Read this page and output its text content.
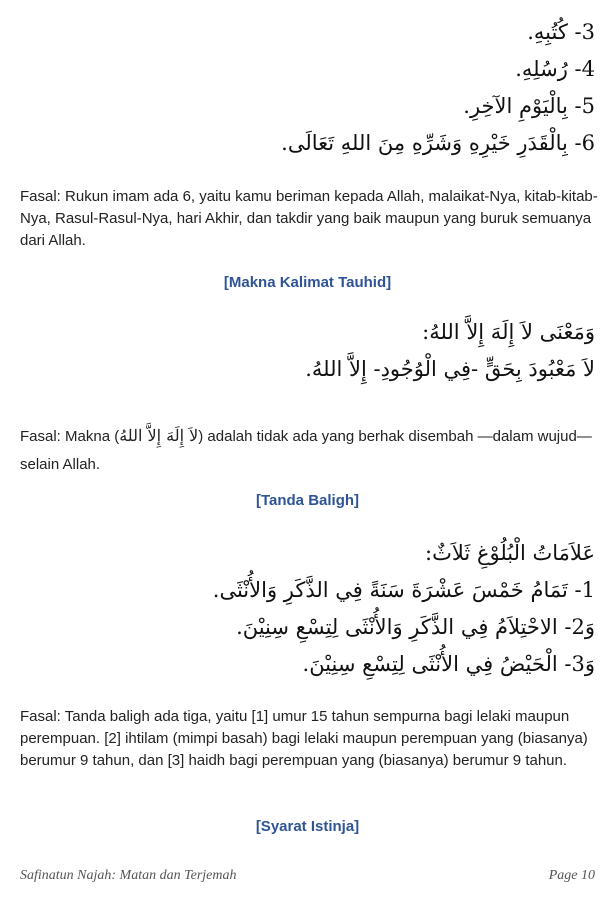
3- كُتُبِهِ.
4- رُسُلِهِ.
5- بِالْيَوْمِ الآخِرِ.
6- بِالْقَدَرِ خَيْرِهِ وَشَرِّهِ مِنَ اللهِ تَعَالَى.
Fasal: Rukun imam ada 6, yaitu kamu beriman kepada Allah, malaikat-Nya, kitab-kitab-Nya, Rasul-Rasul-Nya, hari Akhir, dan takdir yang baik maupun yang buruk semuanya dari Allah.
[Makna Kalimat Tauhid]
وَمَعْنَى لاَ إِلَهَ إِلاَّ اللهُ:
لاَ مَعْبُودَ بِحَقٍّ -فِي الْوُجُودِ- إِلاَّ اللهُ.
Fasal: Makna (لاَ إِلَهَ إِلاَّ اللهُ) adalah tidak ada yang berhak disembah —dalam wujud— selain Allah.
[Tanda Baligh]
عَلاَمَاتُ الْبُلُوْغِ ثَلاَثٌ:
1- تَمَامُ خَمْسَ عَشْرَةَ سَنَةً فِي الذَّكَرِ وَالأُنْثَى.
وَ2- الاحْتِلاَمُ فِي الذَّكَرِ وَالأُنْثَى لِتِسْعِ سِنِيْنَ.
وَ3- الْحَيْضُ فِي الأُنْثَى لِتِسْعِ سِنِيْنَ.
Fasal: Tanda baligh ada tiga, yaitu [1] umur 15 tahun sempurna bagi lelaki maupun perempuan. [2] ihtilam (mimpi basah) bagi lelaki maupun perempuan yang (biasanya) berumur 9 tahun, dan [3] haidh bagi perempuan yang (biasanya) berumur 9 tahun.
[Syarat Istinja]
Safinatun Najah: Matan dan Terjemah	Page 10
